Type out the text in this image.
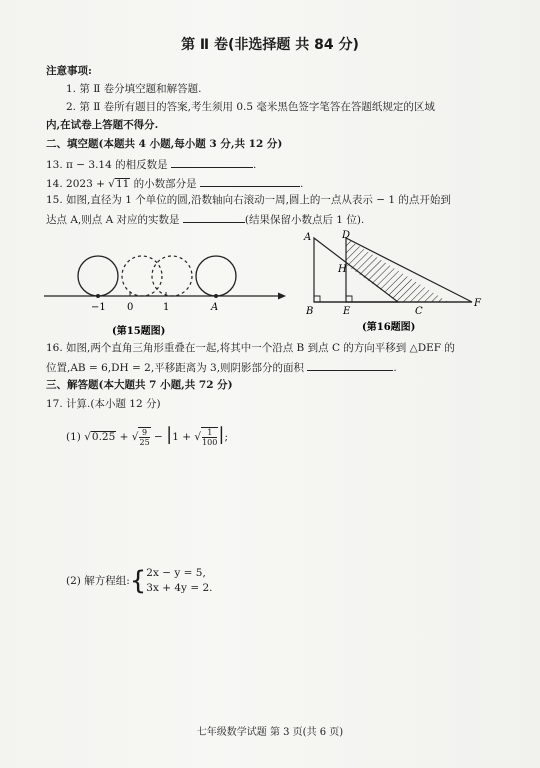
第 Ⅱ 卷(非选择题 共 84 分)
注意事项:
1. 第 Ⅱ 卷分填空题和解答题.
2. 第 Ⅱ 卷所有题目的答案,考生须用 0.5 毫米黑色签字笔答在答题纸规定的区域
内,在试卷上答题不得分.
二、填空题(本题共 4 小题,每小题 3 分,共 12 分)
13. π − 3.14 的相反数是	.
14. 2023 + √11 的小数部分是	.
15. 如图,直径为 1 个单位的圆,沿数轴向右滚动一周,圆上的一点从表示 − 1 的点开始到
达点 A,则点 A 对应的实数是	(结果保留小数点后 1 位).
−1 0	1	A
(第15题图)
A	D
H
B	E	C
F
(第16题图)
16. 如图,两个直角三角形重叠在一起,将其中一个沿点 B 到点 C 的方向平移到 △DEF 的
位置,AB = 6,DH = 2,平移距离为 3,则阴影部分的面积	.
三、解答题(本大题共 7 小题,共 72 分)
17. 计算.(本小题 12 分)
(1) √0.25 + √ $\frac{9}{25} - |1$ + √ $\frac{1}{100}$ |;
(2) 解方程组:{ 2x − y = 5,
3x + 4y = 2.
七年级数学试题 第 3 页(共 6 页)
